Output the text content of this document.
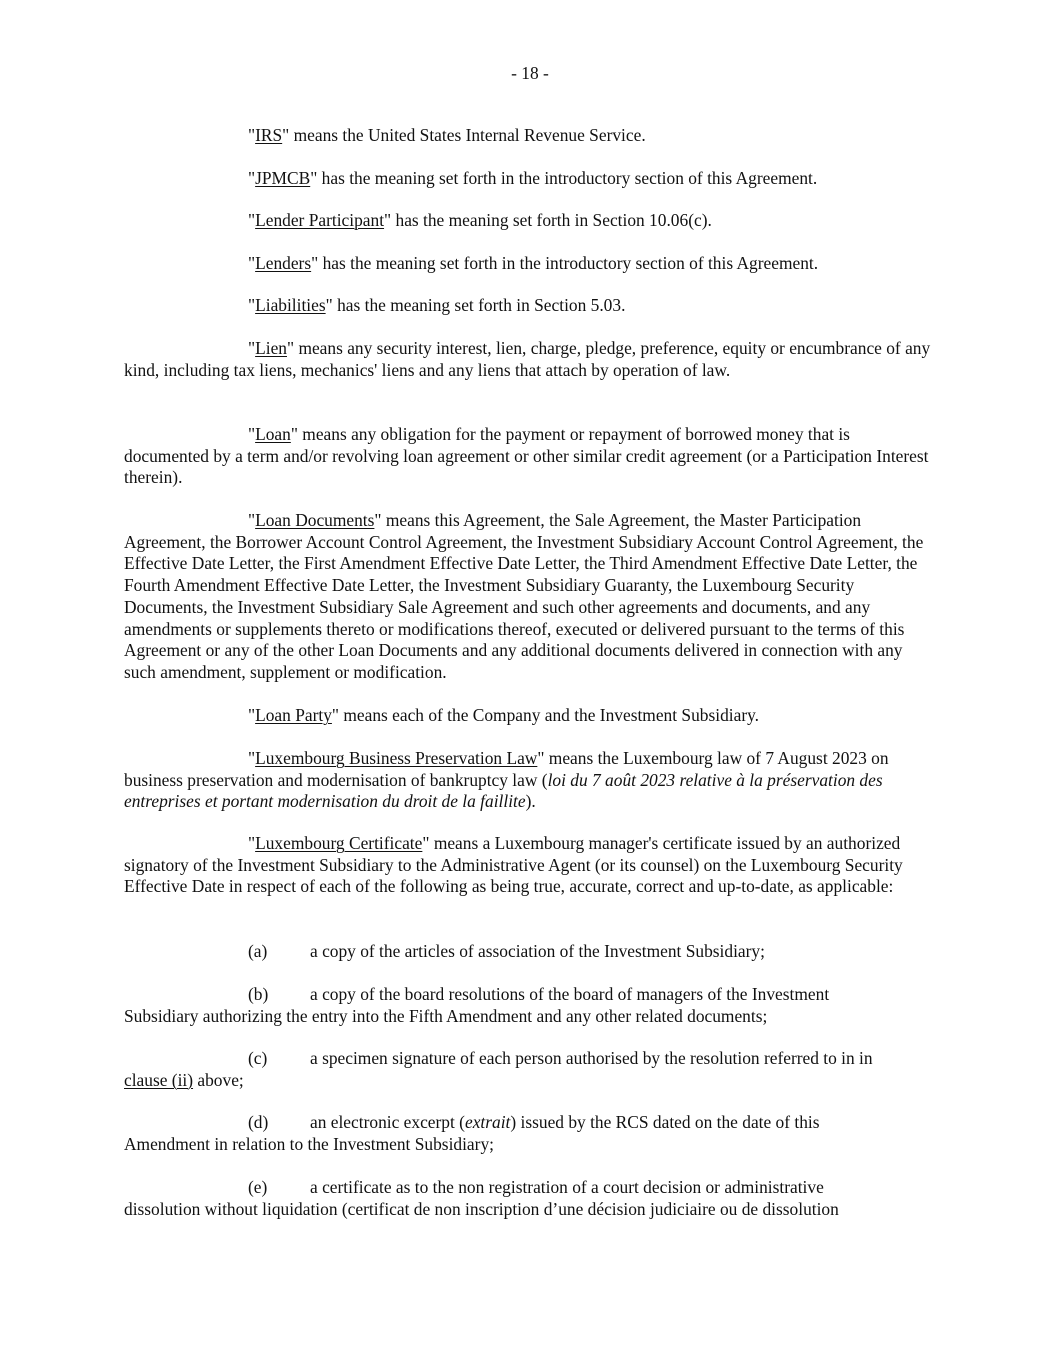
- 18 -

"IRS" means the United States Internal Revenue Service.

"JPMCB" has the meaning set forth in the introductory section of this Agreement.

"Lender Participant" has the meaning set forth in Section 10.06(c).

"Lenders" has the meaning set forth in the introductory section of this Agreement.

"Liabilities" has the meaning set forth in Section 5.03.

"Lien" means any security interest, lien, charge, pledge, preference, equity or encumbrance of any kind, including tax liens, mechanics' liens and any liens that attach by operation of law.

"Loan" means any obligation for the payment or repayment of borrowed money that is documented by a term and/or revolving loan agreement or other similar credit agreement (or a Participation Interest therein).

"Loan Documents" means this Agreement, the Sale Agreement, the Master Participation Agreement, the Borrower Account Control Agreement, the Investment Subsidiary Account Control Agreement, the Effective Date Letter, the First Amendment Effective Date Letter, the Third Amendment Effective Date Letter, the Fourth Amendment Effective Date Letter, the Investment Subsidiary Guaranty, the Luxembourg Security Documents, the Investment Subsidiary Sale Agreement and such other agreements and documents, and any amendments or supplements thereto or modifications thereof, executed or delivered pursuant to the terms of this Agreement or any of the other Loan Documents and any additional documents delivered in connection with any such amendment, supplement or modification.

"Loan Party" means each of the Company and the Investment Subsidiary.

"Luxembourg Business Preservation Law" means the Luxembourg law of 7 August 2023 on business preservation and modernisation of bankruptcy law (loi du 7 août 2023 relative à la préservation des entreprises et portant modernisation du droit de la faillite).

"Luxembourg Certificate" means a Luxembourg manager's certificate issued by an authorized signatory of the Investment Subsidiary to the Administrative Agent (or its counsel) on the Luxembourg Security Effective Date in respect of each of the following as being true, accurate, correct and up-to-date, as applicable:

(a)	a copy of the articles of association of the Investment Subsidiary;
(b)	a copy of the board resolutions of the board of managers of the Investment
Subsidiary authorizing the entry into the Fifth Amendment and any other related documents;
(c)	a specimen signature of each person authorised by the resolution referred to in in
clause (ii) above;
(d)	an electronic excerpt (extrait) issued by the RCS dated on the date of this
Amendment in relation to the Investment Subsidiary;
(e)	a certificate as to the non registration of a court decision or administrative
dissolution without liquidation (certificat de non inscription d’une décision judiciaire ou de dissolution
